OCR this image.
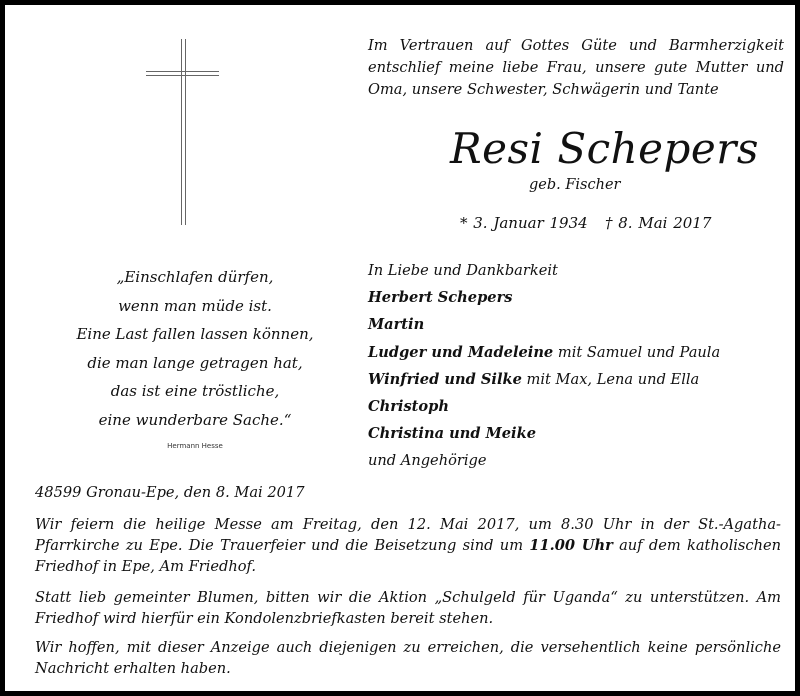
Im Vertrauen auf Gottes Güte und Barmherzigkeit entschlief meine liebe Frau, unsere gute Mutter und Oma, unsere Schwester, Schwägerin und Tante
Resi Schepers
geb. Fischer
* 3. Januar 1934   † 8. Mai 2017
„Einschlafen dürfen,
wenn man müde ist.
Eine Last fallen lassen können,
die man lange getragen hat,
das ist eine tröstliche,
eine wunderbare Sache.“
Hermann Hesse
In Liebe und Dankbarkeit
Herbert Schepers
Martin
Ludger und Madeleine mit Samuel und Paula
Winfried und Silke mit Max, Lena und Ella
Christoph
Christina und Meike
und Angehörige
48599 Gronau-Epe, den 8. Mai 2017
Wir feiern die heilige Messe am Freitag, den 12. Mai 2017, um 8.30 Uhr in der St.-Agatha-Pfarrkirche zu Epe. Die Trauerfeier und die Beisetzung sind um 11.00 Uhr auf dem katholischen Friedhof in Epe, Am Friedhof.
Statt lieb gemeinter Blumen, bitten wir die Aktion „Schulgeld für Uganda“ zu unterstützen. Am Friedhof wird hierfür ein Kondolenzbriefkasten bereit stehen.
Wir hoffen, mit dieser Anzeige auch diejenigen zu erreichen, die versehentlich keine persönliche Nachricht erhalten haben.
